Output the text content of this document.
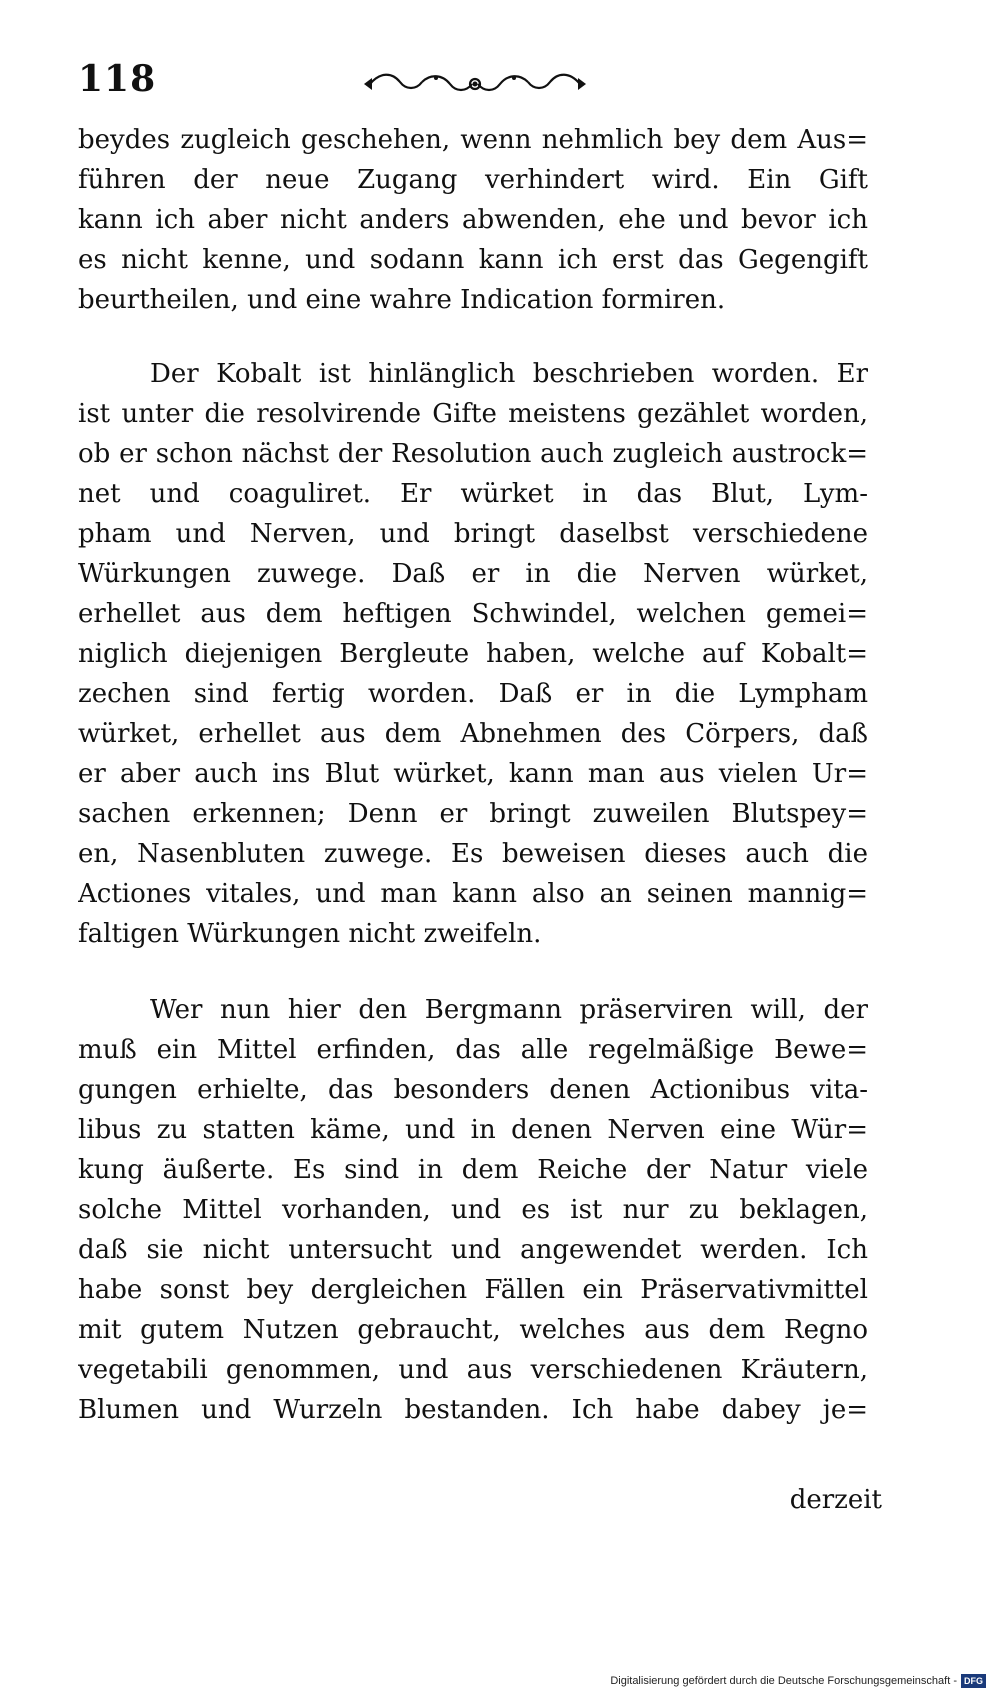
118
beydes zugleich geschehen, wenn nehmlich bey dem Aus=
führen der neue Zugang verhindert wird. Ein Gift
kann ich aber nicht anders abwenden, ehe und bevor ich
es nicht kenne, und sodann kann ich erst das Gegengift
beurtheilen, und eine wahre Indication formiren.
Der Kobalt ist hinlänglich beschrieben worden. Er
ist unter die resolvirende Gifte meistens gezählet worden,
ob er schon nächst der Resolution auch zugleich austrock=
net und coaguliret. Er würket in das Blut, Lym-
pham und Nerven, und bringt daselbst verschiedene
Würkungen zuwege. Daß er in die Nerven würket,
erhellet aus dem heftigen Schwindel, welchen gemei=
niglich diejenigen Bergleute haben, welche auf Kobalt=
zechen sind fertig worden. Daß er in die Lympham
würket, erhellet aus dem Abnehmen des Cörpers, daß
er aber auch ins Blut würket, kann man aus vielen Ur=
sachen erkennen; Denn er bringt zuweilen Blutspey=
en, Nasenbluten zuwege. Es beweisen dieses auch die
Actiones vitales, und man kann also an seinen mannig=
faltigen Würkungen nicht zweifeln.
Wer nun hier den Bergmann präserviren will, der
muß ein Mittel erfinden, das alle regelmäßige Bewe=
gungen erhielte, das besonders denen Actionibus vita-
libus zu statten käme, und in denen Nerven eine Wür=
kung äußerte. Es sind in dem Reiche der Natur viele
solche Mittel vorhanden, und es ist nur zu beklagen,
daß sie nicht untersucht und angewendet werden. Ich
habe sonst bey dergleichen Fällen ein Präservativmittel
mit gutem Nutzen gebraucht, welches aus dem Regno
vegetabili genommen, und aus verschiedenen Kräutern,
Blumen und Wurzeln bestanden. Ich habe dabey je=
derzeit
Digitalisierung gefördert durch die Deutsche Forschungsgemeinschaft - DFG
